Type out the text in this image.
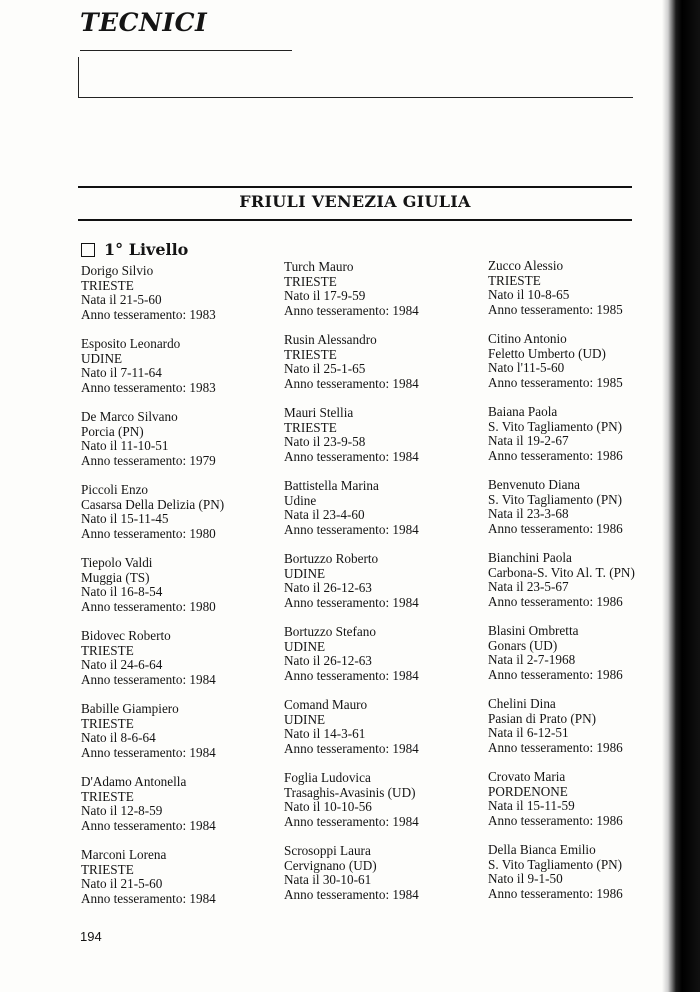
TECNICI
FRIULI VENEZIA GIULIA
1° Livello
Dorigo Silvio
TRIESTE
Nata il 21-5-60
Anno tesseramento: 1983
Esposito Leonardo
UDINE
Nato il 7-11-64
Anno tesseramento: 1983
De Marco Silvano
Porcia (PN)
Nato il 11-10-51
Anno tesseramento: 1979
Piccoli Enzo
Casarsa Della Delizia (PN)
Nato il 15-11-45
Anno tesseramento: 1980
Tiepolo Valdi
Muggia (TS)
Nato il 16-8-54
Anno tesseramento: 1980
Bidovec Roberto
TRIESTE
Nato il 24-6-64
Anno tesseramento: 1984
Babille Giampiero
TRIESTE
Nato il 8-6-64
Anno tesseramento: 1984
D'Adamo Antonella
TRIESTE
Nato il 12-8-59
Anno tesseramento: 1984
Marconi Lorena
TRIESTE
Nato il 21-5-60
Anno tesseramento: 1984
Turch Mauro
TRIESTE
Nato il 17-9-59
Anno tesseramento: 1984
Rusin Alessandro
TRIESTE
Nato il 25-1-65
Anno tesseramento: 1984
Mauri Stellia
TRIESTE
Nato il 23-9-58
Anno tesseramento: 1984
Battistella Marina
Udine
Nata il 23-4-60
Anno tesseramento: 1984
Bortuzzo Roberto
UDINE
Nato il 26-12-63
Anno tesseramento: 1984
Bortuzzo Stefano
UDINE
Nato il 26-12-63
Anno tesseramento: 1984
Comand Mauro
UDINE
Nato il 14-3-61
Anno tesseramento: 1984
Foglia Ludovica
Trasaghis-Avasinis (UD)
Nato il 10-10-56
Anno tesseramento: 1984
Scrosoppi Laura
Cervignano (UD)
Nata il 30-10-61
Anno tesseramento: 1984
Zucco Alessio
TRIESTE
Nato il 10-8-65
Anno tesseramento: 1985
Citino Antonio
Feletto Umberto (UD)
Nato l'11-5-60
Anno tesseramento: 1985
Baiana Paola
S. Vito Tagliamento (PN)
Nata il 19-2-67
Anno tesseramento: 1986
Benvenuto Diana
S. Vito Tagliamento (PN)
Nata il 23-3-68
Anno tesseramento: 1986
Bianchini Paola
Carbona-S. Vito Al. T. (PN)
Nata il 23-5-67
Anno tesseramento: 1986
Blasini Ombretta
Gonars (UD)
Nata il 2-7-1968
Anno tesseramento: 1986
Chelini Dina
Pasian di Prato (PN)
Nata il 6-12-51
Anno tesseramento: 1986
Crovato Maria
PORDENONE
Nata il 15-11-59
Anno tesseramento: 1986
Della Bianca Emilio
S. Vito Tagliamento (PN)
Nato il 9-1-50
Anno tesseramento: 1986
194
